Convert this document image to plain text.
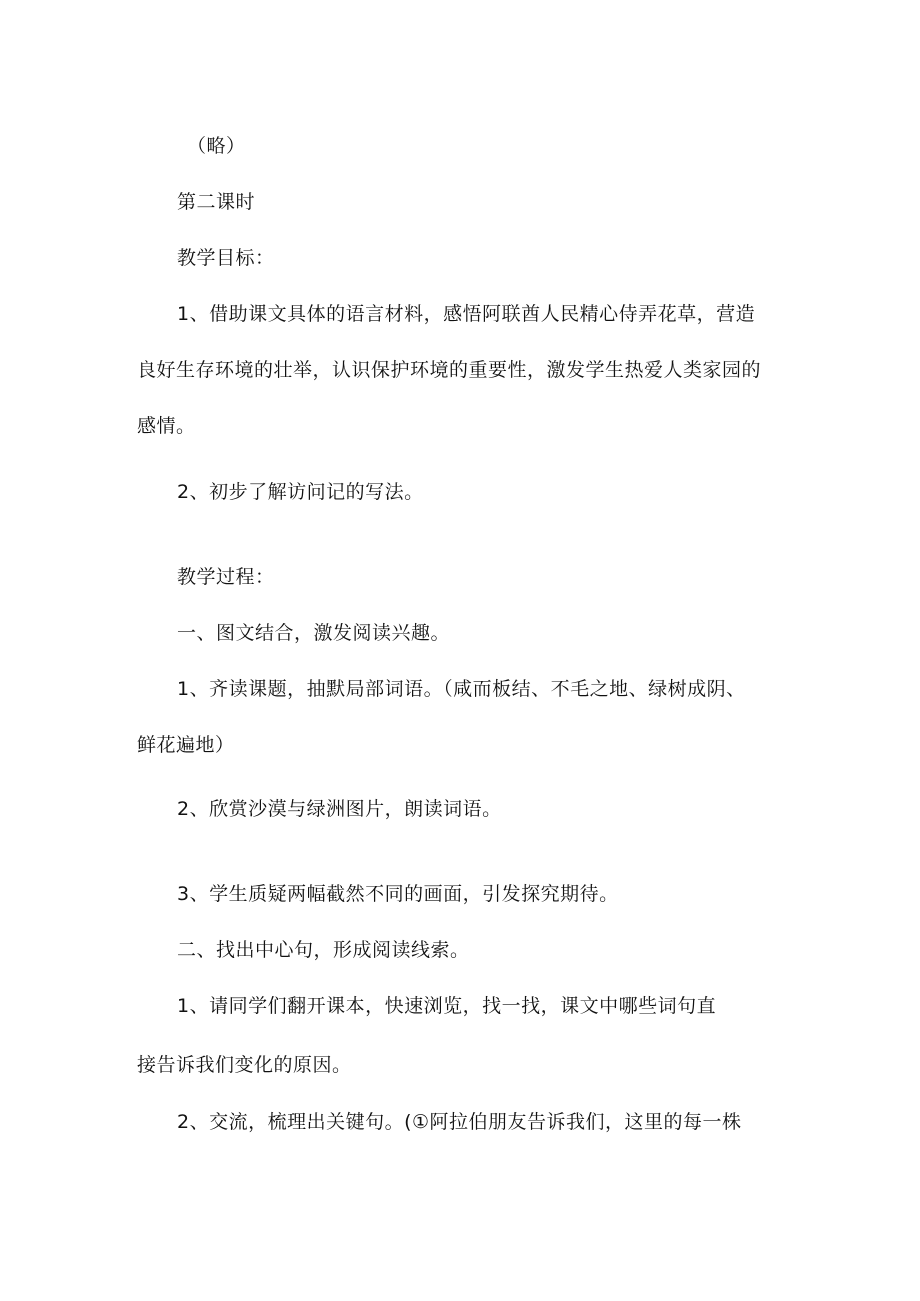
（略）
第二课时
教学目标：
1、借助课文具体的语言材料，感悟阿联酋人民精心侍弄花草，营造
良好生存环境的壮举，认识保护环境的重要性，激发学生热爱人类家园的
感情。
2、初步了解访问记的写法。
教学过程：
一、图文结合，激发阅读兴趣。
1、齐读课题，抽默局部词语。（咸而板结、不毛之地、绿树成阴、
鲜花遍地）
2、欣赏沙漠与绿洲图片，朗读词语。
3、学生质疑两幅截然不同的画面，引发探究期待。
二、找出中心句，形成阅读线索。
1、请同学们翻开课本，快速浏览，找一找，课文中哪些词句直
接告诉我们变化的原因。
2、交流，梳理出关键句。(①阿拉伯朋友告诉我们，这里的每一株
